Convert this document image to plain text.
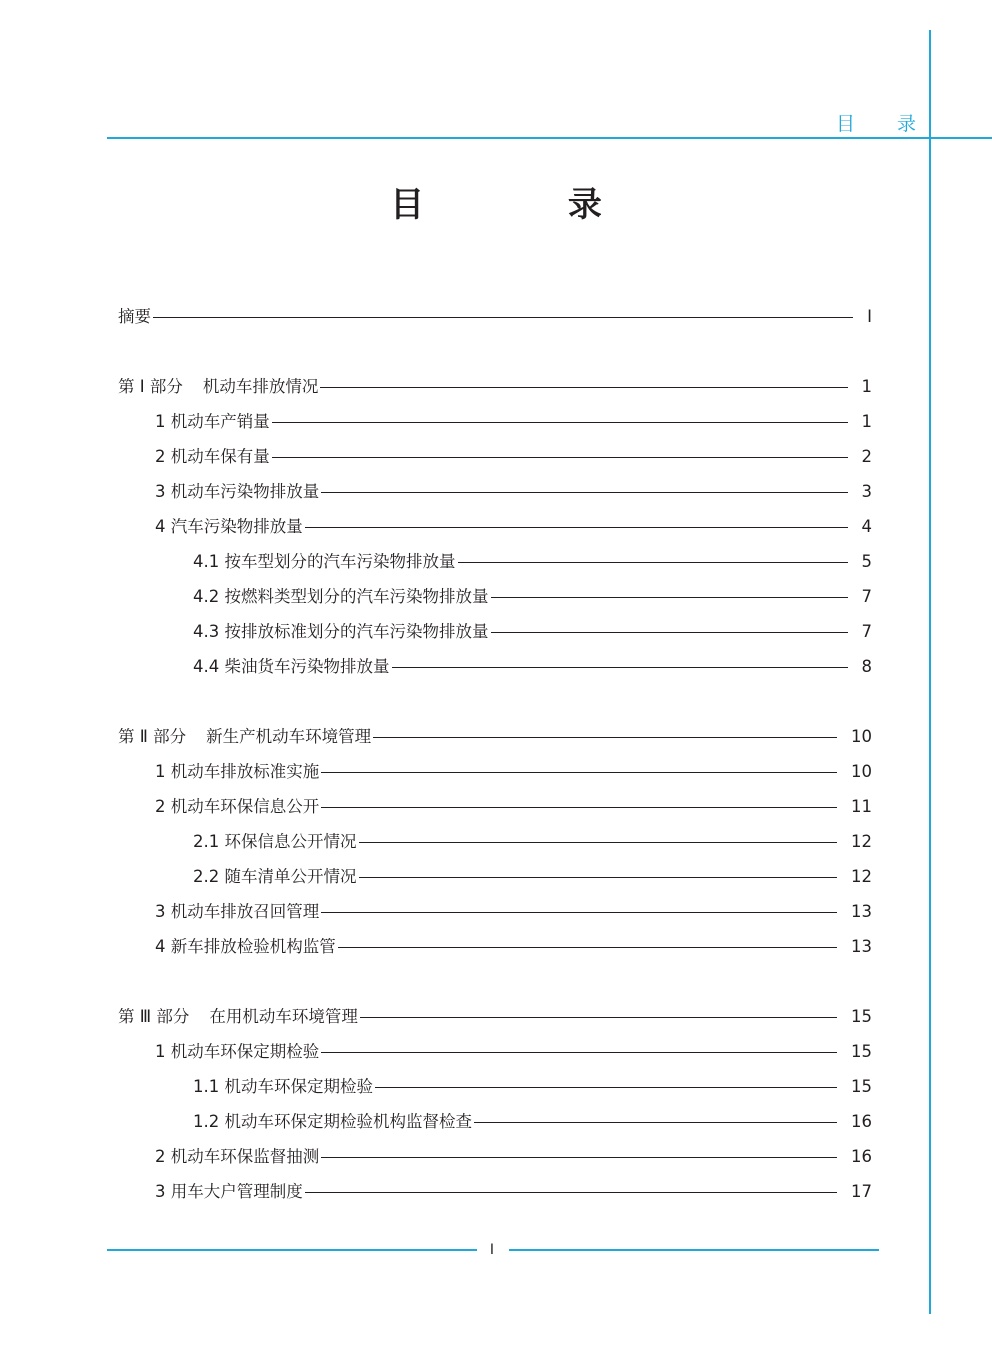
目 录
目 录
摘要	I
第 Ⅰ 部分 机动车排放情况	1
1 机动车产销量	1
2 机动车保有量	2
3 机动车污染物排放量	3
4 汽车污染物排放量	4
4.1 按车型划分的汽车污染物排放量	5
4.2 按燃料类型划分的汽车污染物排放量	7
4.3 按排放标准划分的汽车污染物排放量	7
4.4 柴油货车污染物排放量	8
第 Ⅱ 部分 新生产机动车环境管理	10
1 机动车排放标准实施	10
2 机动车环保信息公开	11
2.1 环保信息公开情况	12
2.2 随车清单公开情况	12
3 机动车排放召回管理	13
4 新车排放检验机构监管	13
第 Ⅲ 部分 在用机动车环境管理	15
1 机动车环保定期检验	15
1.1 机动车环保定期检验	15
1.2 机动车环保定期检验机构监督检查	16
2 机动车环保监督抽测	16
3 用车大户管理制度	17
I
